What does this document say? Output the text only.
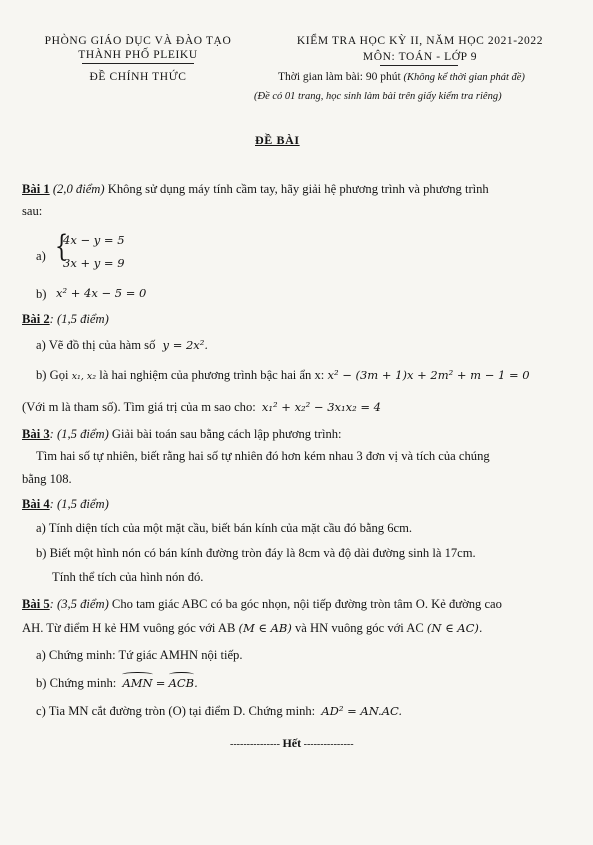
PHÒNG GIÁO DỤC VÀ ĐÀO TẠO
THÀNH PHỐ PLEIKU
ĐỀ CHÍNH THỨC
KIỂM TRA HỌC KỲ II, NĂM HỌC 2021-2022
MÔN: TOÁN - LỚP 9
Thời gian làm bài: 90 phút (Không kể thời gian phát đề)
(Đề có 01 trang, học sinh làm bài trên giấy kiểm tra riêng)
ĐỀ BÀI
Bài 1 (2,0 điểm) Không sử dụng máy tính cầm tay, hãy giải hệ phương trình và phương trình
sau:
a) {
4x − y = 5
3x + y = 9
b) x² + 4x − 5 = 0
Bài 2: (1,5 điểm)
a) Vẽ đồ thị của hàm số y = 2x².
b) Gọi x₁, x₂ là hai nghiệm của phương trình bậc hai ẩn x: x² − (3m + 1)x + 2m² + m − 1 = 0
(Với m là tham số). Tìm giá trị của m sao cho: x₁² + x₂² − 3x₁x₂ = 4
Bài 3: (1,5 điểm) Giải bài toán sau bằng cách lập phương trình:
Tìm hai số tự nhiên, biết rằng hai số tự nhiên đó hơn kém nhau 3 đơn vị và tích của chúng
bằng 108.
Bài 4: (1,5 điểm)
a) Tính diện tích của một mặt cầu, biết bán kính của mặt cầu đó bằng 6cm.
b) Biết một hình nón có bán kính đường tròn đáy là 8cm và độ dài đường sinh là 17cm.
Tính thể tích của hình nón đó.
Bài 5: (3,5 điểm) Cho tam giác ABC có ba góc nhọn, nội tiếp đường tròn tâm O. Kẻ đường cao
AH. Từ điểm H kẻ HM vuông góc với AB (M ∈ AB) và HN vuông góc với AC (N ∈ AC).
a) Chứng minh: Tứ giác AMHN nội tiếp.
b) Chứng minh: AMN = ACB.
c) Tia MN cắt đường tròn (O) tại điểm D. Chứng minh: AD² = AN.AC.
--------------- Hết ---------------
